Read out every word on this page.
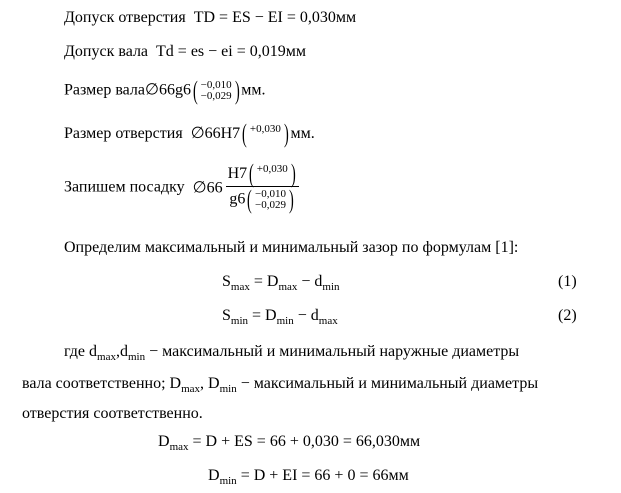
Допуск отверстия TD = ES − EI = 0,030мм
Допуск вала Td = es − ei = 0,019мм
Размер вала∅66g6( −0,010
−0,029 ) мм.
Размер отверстия ∅66H7( +0,030 ) мм.
Запишем посадку ∅66 H7( +0,030 )
g6( −0,010
−0,029 )
Определим максимальный и минимальный зазор по формулам [1]:
$S_{max} = D_{max} - d_{min}$	(1)
$S_{min} = D_{min} - d_{max}$	(2)
где $d_{max},d_{min}$ − максимальный и минимальный наружные диаметры
вала соответственно; $D_{max}$, $D_{min}$ − максимальный и минимальный диаметры
отверстия соответственно.
$D_{max} = D$ + ES = 66 + 0,030 = 66,030мм
$D_{min} = D$ + EI = 66 + 0 = 66мм
